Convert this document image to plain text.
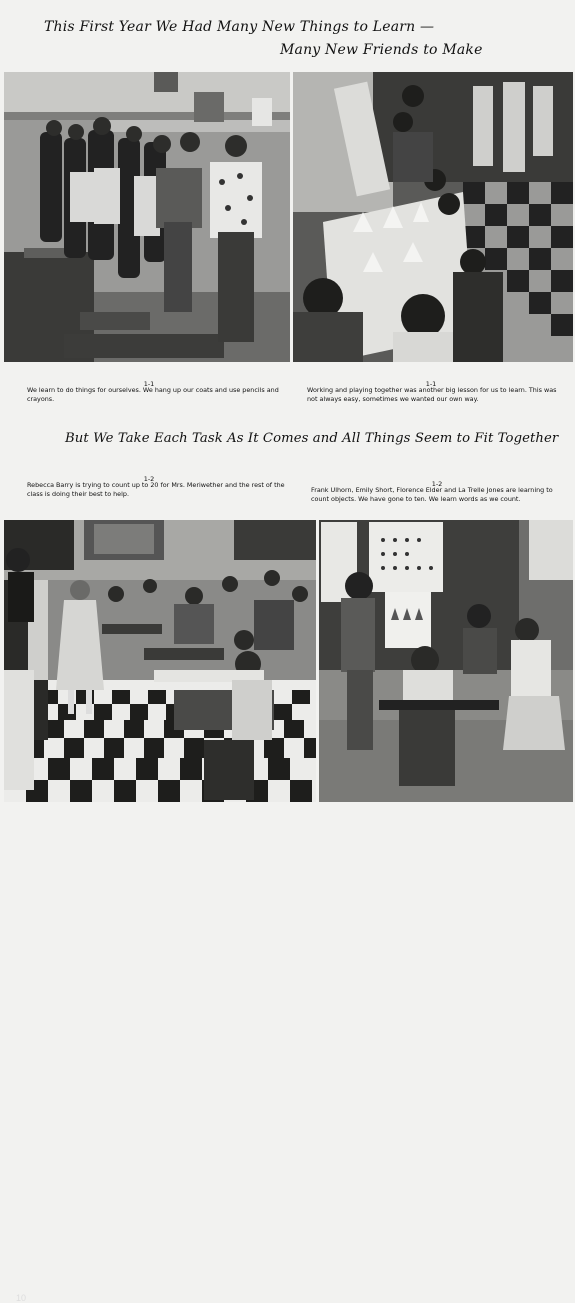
This First Year We Had Many New Things to Learn —
Many New Friends to Make

1-1	1-1

We learn to do things for ourselves. We hang up our coats and use pencils and crayons.

Working and playing together was another big lesson for us to learn. This was not always easy, sometimes we wanted our own way.

But We Take Each Task As It Comes and All Things Seem to Fit Together

1-2

1-2

Rebecca Barry is trying to count up to 20 for Mrs. Meriwether and the rest of the class is doing their best to help.	Frank Ulhorn, Emily Short, Florence Elder and La Trelle Jones are learning to count objects. We have gone to ten. We learn words as we count.

10
